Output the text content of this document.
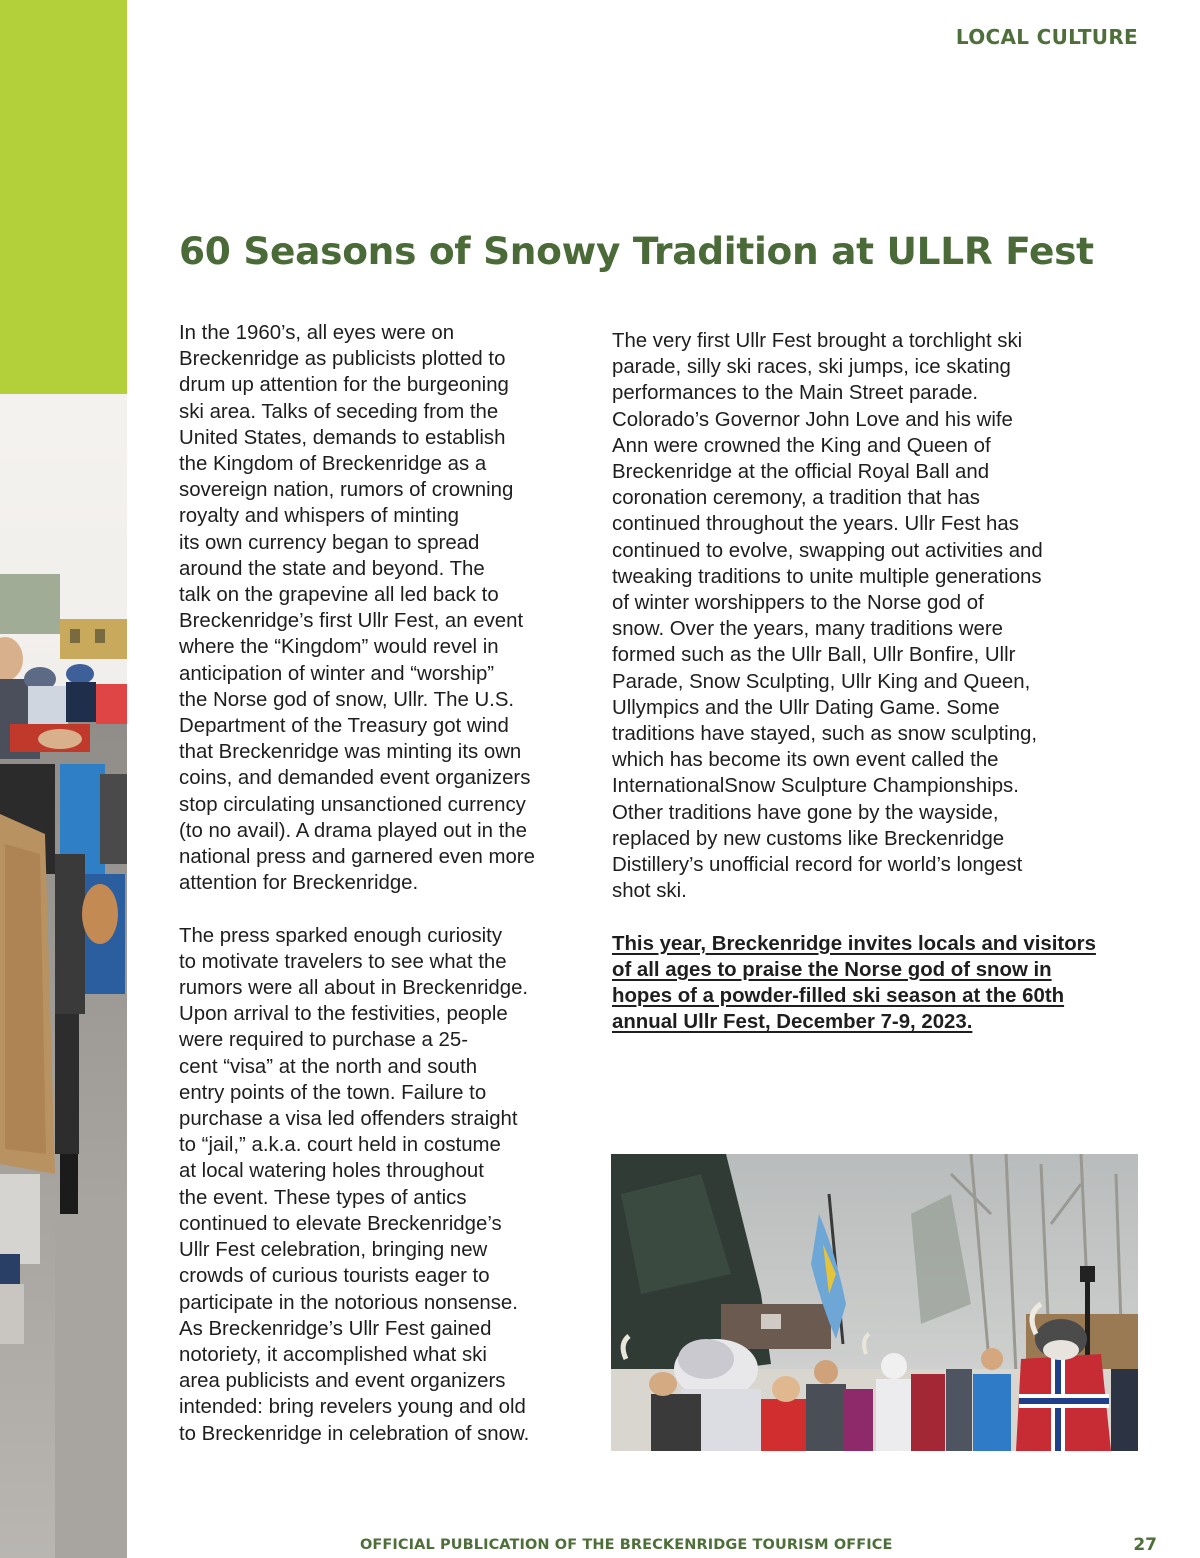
LOCAL CULTURE

60 Seasons of Snowy Tradition at ULLR Fest

In the 1960’s, all eyes were on
Breckenridge as publicists plotted to
drum up attention for the burgeoning
ski area. Talks of seceding from the
United States, demands to establish
the Kingdom of Breckenridge as a
sovereign nation, rumors of crowning
royalty and whispers of minting
its own currency began to spread
around the state and beyond. The
talk on the grapevine all led back to
Breckenridge’s first Ullr Fest, an event
where the “Kingdom” would revel in
anticipation of winter and “worship”
the Norse god of snow, Ullr. The U.S.
Department of the Treasury got wind
that Breckenridge was minting its own
coins, and demanded event organizers
stop circulating unsanctioned currency
(to no avail). A drama played out in the
national press and garnered even more
attention for Breckenridge.

The press sparked enough curiosity
to motivate travelers to see what the
rumors were all about in Breckenridge.
Upon arrival to the festivities, people
were required to purchase a 25-
cent “visa” at the north and south
entry points of the town. Failure to
purchase a visa led offenders straight
to “jail,” a.k.a. court held in costume
at local watering holes throughout
the event. These types of antics
continued to elevate Breckenridge’s
Ullr Fest celebration, bringing new
crowds of curious tourists eager to
participate in the notorious nonsense.
As Breckenridge’s Ullr Fest gained
notoriety, it accomplished what ski
area publicists and event organizers
intended: bring revelers young and old
to Breckenridge in celebration of snow.

The very first Ullr Fest brought a torchlight ski
parade, silly ski races, ski jumps, ice skating
performances to the Main Street parade.
Colorado’s Governor John Love and his wife
Ann were crowned the King and Queen of
Breckenridge at the official Royal Ball and
coronation ceremony, a tradition that has
continued throughout the years. Ullr Fest has
continued to evolve, swapping out activities and
tweaking traditions to unite multiple generations
of winter worshippers to the Norse god of
snow. Over the years, many traditions were
formed such as the Ullr Ball, Ullr Bonfire, Ullr
Parade, Snow Sculpting, Ullr King and Queen,
Ullympics and the Ullr Dating Game. Some
traditions have stayed, such as snow sculpting,
which has become its own event called the
InternationalSnow Sculpture Championships.
Other traditions have gone by the wayside,
replaced by new customs like Breckenridge
Distillery’s unofficial record for world’s longest
shot ski.

This year, Breckenridge invites locals and visitors
of all ages to praise the Norse god of snow in
hopes of a powder-filled ski season at the 60th
annual Ullr Fest, December 7-9, 2023.

OFFICIAL PUBLICATION OF THE BRECKENRIDGE TOURISM OFFICE	27
